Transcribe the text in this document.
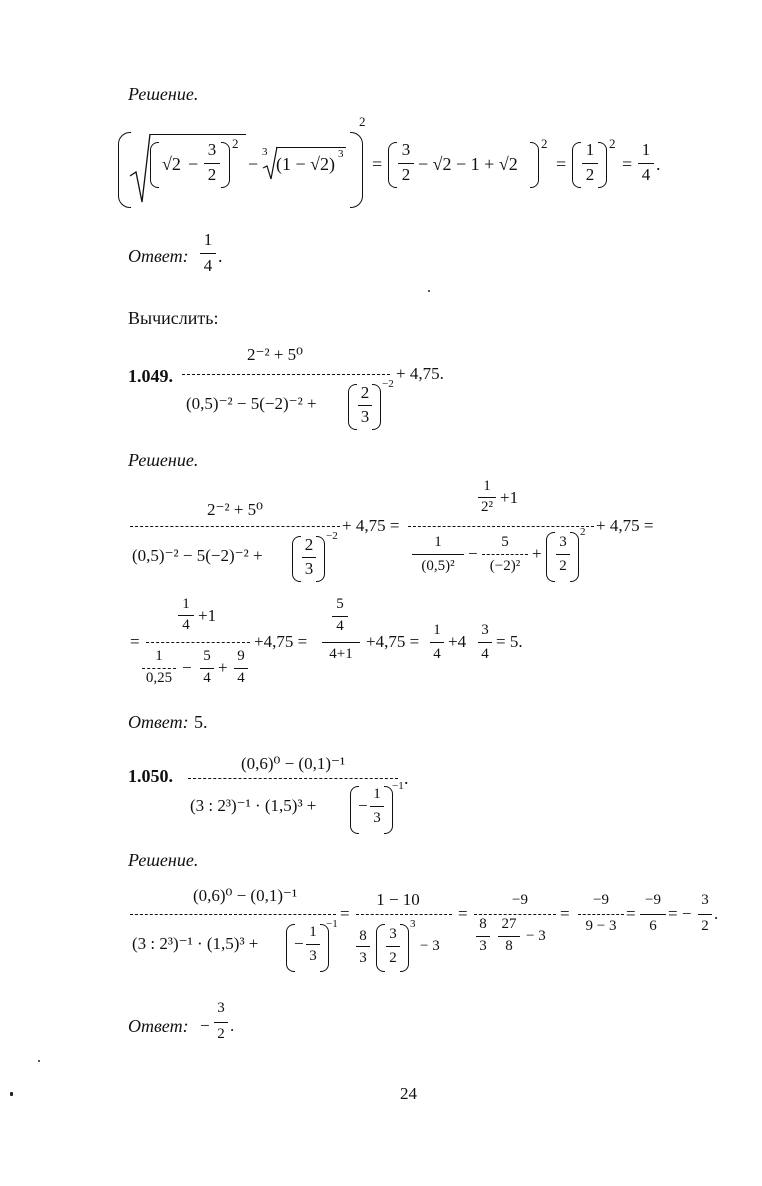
Решение.
2
√2 −
3
2
2
−
3
(1 − √2) 3 =
3
2
− √2 − 1 + √2
2
=
1
2
2
=
1
4
.
Ответ:
1
4 .
Вычислить:
1.049.
2⁻² + 5⁰
(0,5)⁻² − 5(−2)⁻² +
2
3
−2
+ 4,75.
Решение.
2⁻² + 5⁰
(0,5)⁻² − 5(−2)⁻² +
2
3
−2
+ 4,75 =
1
2² +1
1
(0,5)²
−
5
(−2)²
+
3
2
2 + 4,75 =
=
1
4 +1
1
0,25
−
5
4
+
9
4
+4,75 =
5
4
4+1
+4,75 =
1
4
+4
3
4
= 5.
Ответ: 5.
1.050.
(0,6)⁰ − (0,1)⁻¹
(3 : 2³)⁻¹ · (1,5)³ + −
1
3
−1 .
Решение.
(0,6)⁰ − (0,1)⁻¹
(3 : 2³)⁻¹ · (1,5)³ + −
1
3
−1
=
1 − 10
8
3
3
2
3
− 3
=
−9
8
3
27
8
− 3
=
−9
9 − 3
=
−9
6
= −
3
2
.
Ответ: −
3
2 .
24
